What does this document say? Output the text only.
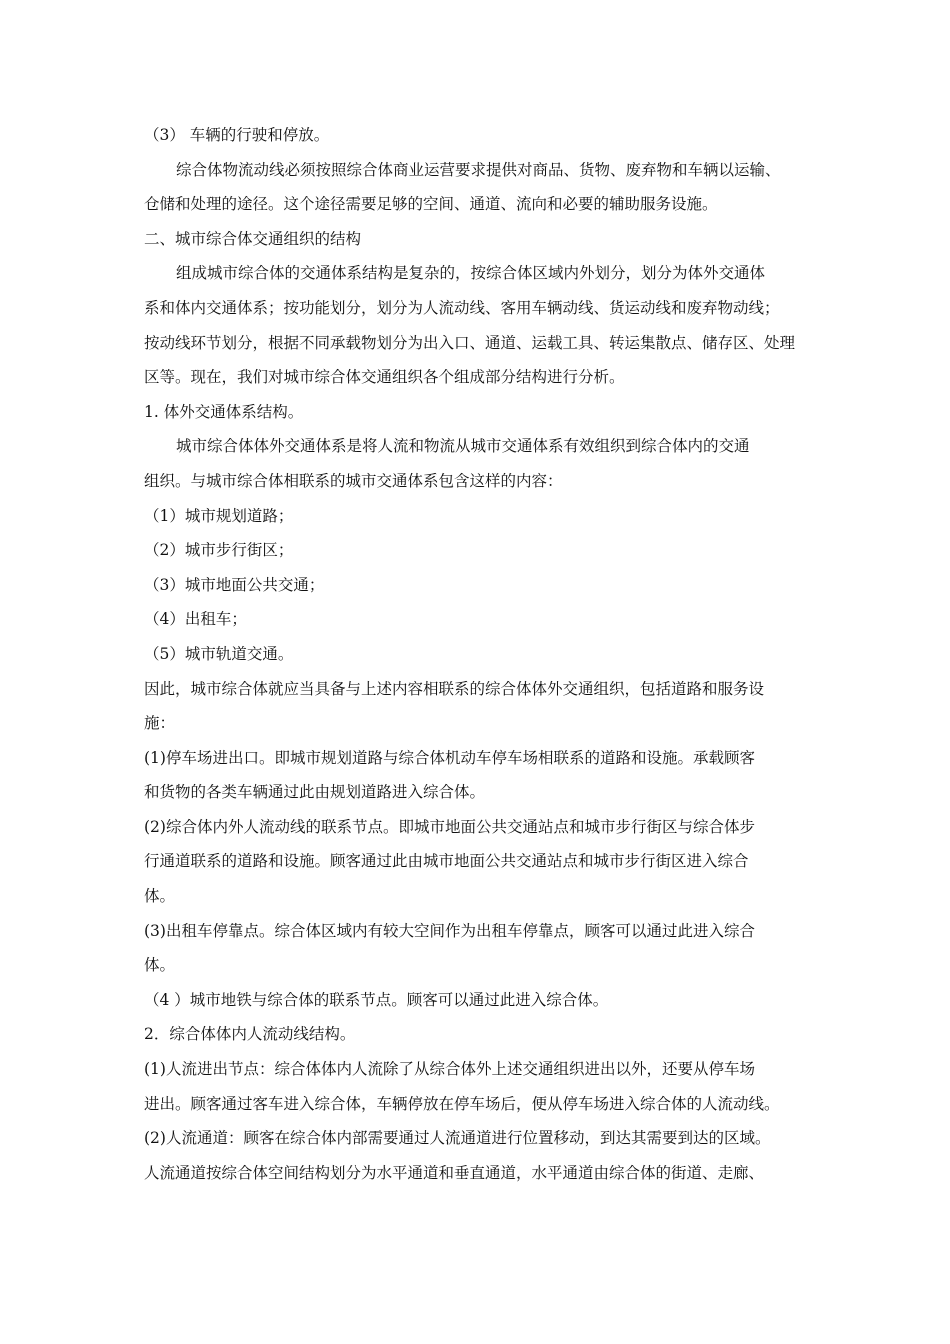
（3） 车辆的行驶和停放。
综合体物流动线必须按照综合体商业运营要求提供对商品、货物、废弃物和车辆以运输、
仓储和处理的途径。这个途径需要足够的空间、通道、流向和必要的辅助服务设施。
二、城市综合体交通组织的结构
组成城市综合体的交通体系结构是复杂的，按综合体区域内外划分，划分为体外交通体
系和体内交通体系；按功能划分，划分为人流动线、客用车辆动线、货运动线和废弃物动线；
按动线环节划分，根据不同承载物划分为出入口、通道、运载工具、转运集散点、储存区、处理
区等。现在，我们对城市综合体交通组织各个组成部分结构进行分析。
1. 体外交通体系结构。
城市综合体体外交通体系是将人流和物流从城市交通体系有效组织到综合体内的交通
组织。与城市综合体相联系的城市交通体系包含这样的内容：
（1）城市规划道路；
（2）城市步行街区；
（3）城市地面公共交通；
（4）出租车；
（5）城市轨道交通。
因此，城市综合体就应当具备与上述内容相联系的综合体体外交通组织，包括道路和服务设
施：
(1)停车场进出口。即城市规划道路与综合体机动车停车场相联系的道路和设施。承载顾客
和货物的各类车辆通过此由规划道路进入综合体。
(2)综合体内外人流动线的联系节点。即城市地面公共交通站点和城市步行街区与综合体步
行通道联系的道路和设施。顾客通过此由城市地面公共交通站点和城市步行街区进入综合
体。
(3)出租车停靠点。综合体区域内有较大空间作为出租车停靠点，顾客可以通过此进入综合
体。
（4 ）城市地铁与综合体的联系节点。顾客可以通过此进入综合体。
2．综合体体内人流动线结构。
(1)人流进出节点：综合体体内人流除了从综合体外上述交通组织进出以外，还要从停车场
进出。顾客通过客车进入综合体，车辆停放在停车场后，便从停车场进入综合体的人流动线。
(2)人流通道：顾客在综合体内部需要通过人流通道进行位置移动，到达其需要到达的区域。
人流通道按综合体空间结构划分为水平通道和垂直通道，水平通道由综合体的街道、走廊、
